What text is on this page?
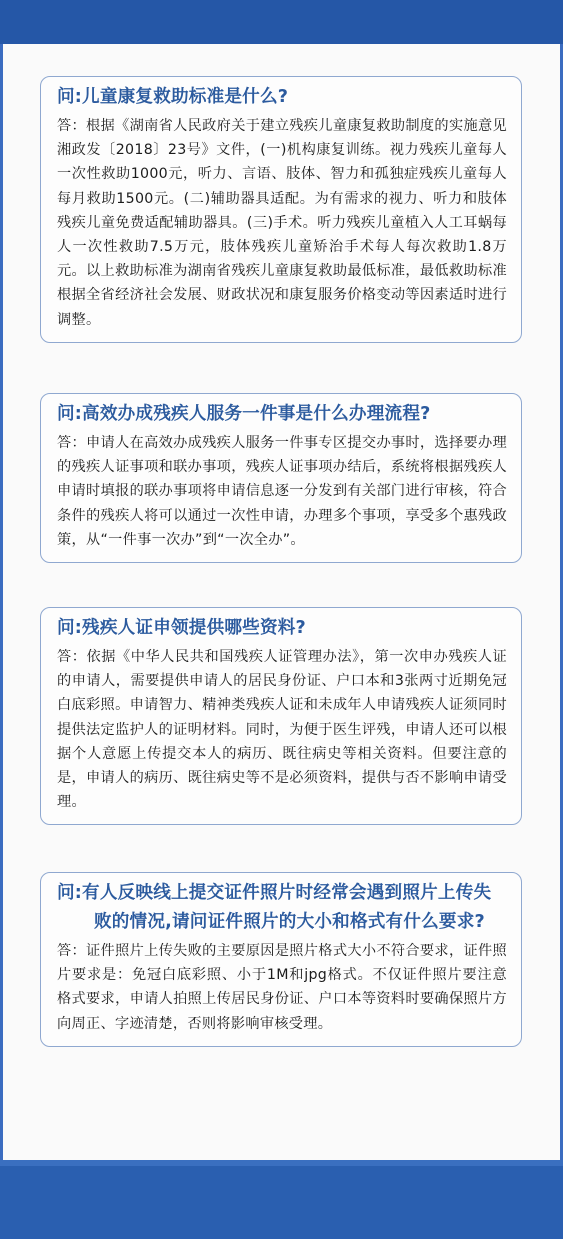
问:儿童康复救助标准是什么?

答：根据《湖南省人民政府关于建立残疾儿童康复救助制度的实施意见湘政发〔2018〕23号》文件，(一)机构康复训练。视力残疾儿童每人一次性救助1000元，听力、言语、肢体、智力和孤独症残疾儿童每人每月救助1500元。(二)辅助器具适配。为有需求的视力、听力和肢体残疾儿童免费适配辅助器具。(三)手术。听力残疾儿童植入人工耳蜗每人一次性救助7.5万元，肢体残疾儿童矫治手术每人每次救助1.8万元。以上救助标准为湖南省残疾儿童康复救助最低标准，最低救助标准根据全省经济社会发展、财政状况和康复服务价格变动等因素适时进行调整。

问:高效办成残疾人服务一件事是什么办理流程?

答：申请人在高效办成残疾人服务一件事专区提交办事时，选择要办理的残疾人证事项和联办事项，残疾人证事项办结后，系统将根据残疾人申请时填报的联办事项将申请信息逐一分发到有关部门进行审核，符合条件的残疾人将可以通过一次性申请，办理多个事项，享受多个惠残政策，从“一件事一次办”到“一次全办”。

问:残疾人证申领提供哪些资料?

答：依据《中华人民共和国残疾人证管理办法》，第一次申办残疾人证的申请人，需要提供申请人的居民身份证、户口本和3张两寸近期免冠白底彩照。申请智力、精神类残疾人证和未成年人申请残疾人证须同时提供法定监护人的证明材料。同时，为便于医生评残，申请人还可以根据个人意愿上传提交本人的病历、既往病史等相关资料。但要注意的是，申请人的病历、既往病史等不是必须资料，提供与否不影响申请受理。

问:有人反映线上提交证件照片时经常会遇到照片上传失败的情况,请问证件照片的大小和格式有什么要求?

答：证件照片上传失败的主要原因是照片格式大小不符合要求，证件照片要求是：免冠白底彩照、小于1M和jpg格式。不仅证件照片要注意格式要求，申请人拍照上传居民身份证、户口本等资料时要确保照片方向周正、字迹清楚，否则将影响审核受理。
